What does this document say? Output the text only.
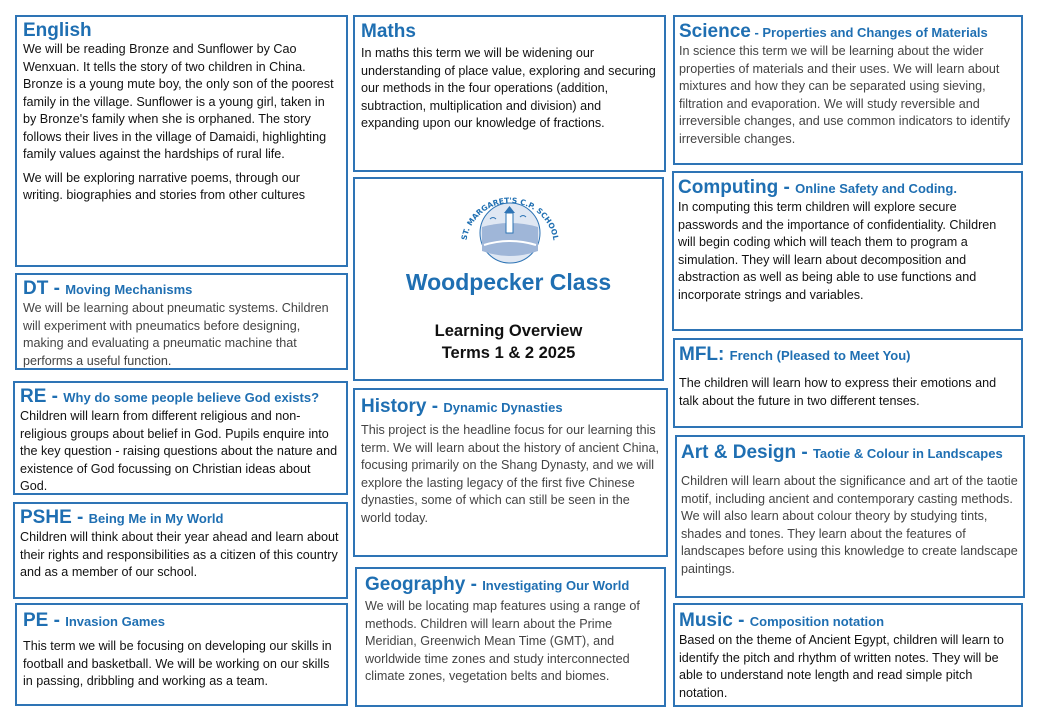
English

We will be reading Bronze and Sunflower by Cao Wenxuan. It tells the story of two children in China. Bronze is a young mute boy, the only son of the poorest family in the village. Sunflower is a young girl, taken in by Bronze's family when she is orphaned. The story follows their lives in the village of Damaidi, highlighting family values against the hardships of rural life.

We will be exploring narrative poems, through our writing. biographies and stories from other cultures

DT - Moving Mechanisms
We will be learning about pneumatic systems. Children will experiment with pneumatics before designing, making and evaluating a pneumatic machine that performs a useful function.
RE - Why do some people believe God exists?
Children will learn from different religious and non-religious groups about belief in God. Pupils enquire into the key question - raising questions about the nature and existence of God focussing on Christian ideas about God.
PSHE - Being Me in My World
Children will think about their year ahead and learn about their rights and responsibilities as a citizen of this country and as a member of our school.
PE - Invasion Games
This term we will be focusing on developing our skills in football and basketball. We will be working on our skills in passing, dribbling and working as a team.
Maths
In maths this term we will be widening our understanding of place value, exploring and securing our methods in the four operations (addition, subtraction, multiplication and division) and expanding upon our knowledge of fractions.
ST. MARGARET'S C.P. SCHOOL
Woodpecker Class
Learning Overview
Terms 1 & 2 2025
History - Dynamic Dynasties
This project is the headline focus for our learning this term. We will learn about the history of ancient China, focusing primarily on the Shang Dynasty, and we will explore the lasting legacy of the first five Chinese dynasties, some of which can still be seen in the world today.
Geography - Investigating Our World
We will be locating map features using a range of methods. Children will learn about the Prime Meridian, Greenwich Mean Time (GMT), and worldwide time zones and study interconnected climate zones, vegetation belts and biomes.
Science - Properties and Changes of Materials
In science this term we will be learning about the wider properties of materials and their uses. We will learn about mixtures and how they can be separated using sieving, filtration and evaporation. We will study reversible and irreversible changes, and use common indicators to identify irreversible changes.
Computing - Online Safety and Coding.
In computing this term children will explore secure passwords and the importance of confidentiality. Children will begin coding which will teach them to program a simulation. They will learn about decomposition and abstraction as well as being able to use functions and incorporate strings and variables.
MFL: French (Pleased to Meet You)
The children will learn how to express their emotions and talk about the future in two different tenses.
Art & Design - Taotie & Colour in Landscapes
Children will learn about the significance and art of the taotie motif, including ancient and contemporary casting methods. We will also learn about colour theory by studying tints, shades and tones. They learn about the features of landscapes before using this knowledge to create landscape paintings.
Music - Composition notation
Based on the theme of Ancient Egypt, children will learn to identify the pitch and rhythm of written notes. They will be able to understand note length and read simple pitch notation.
